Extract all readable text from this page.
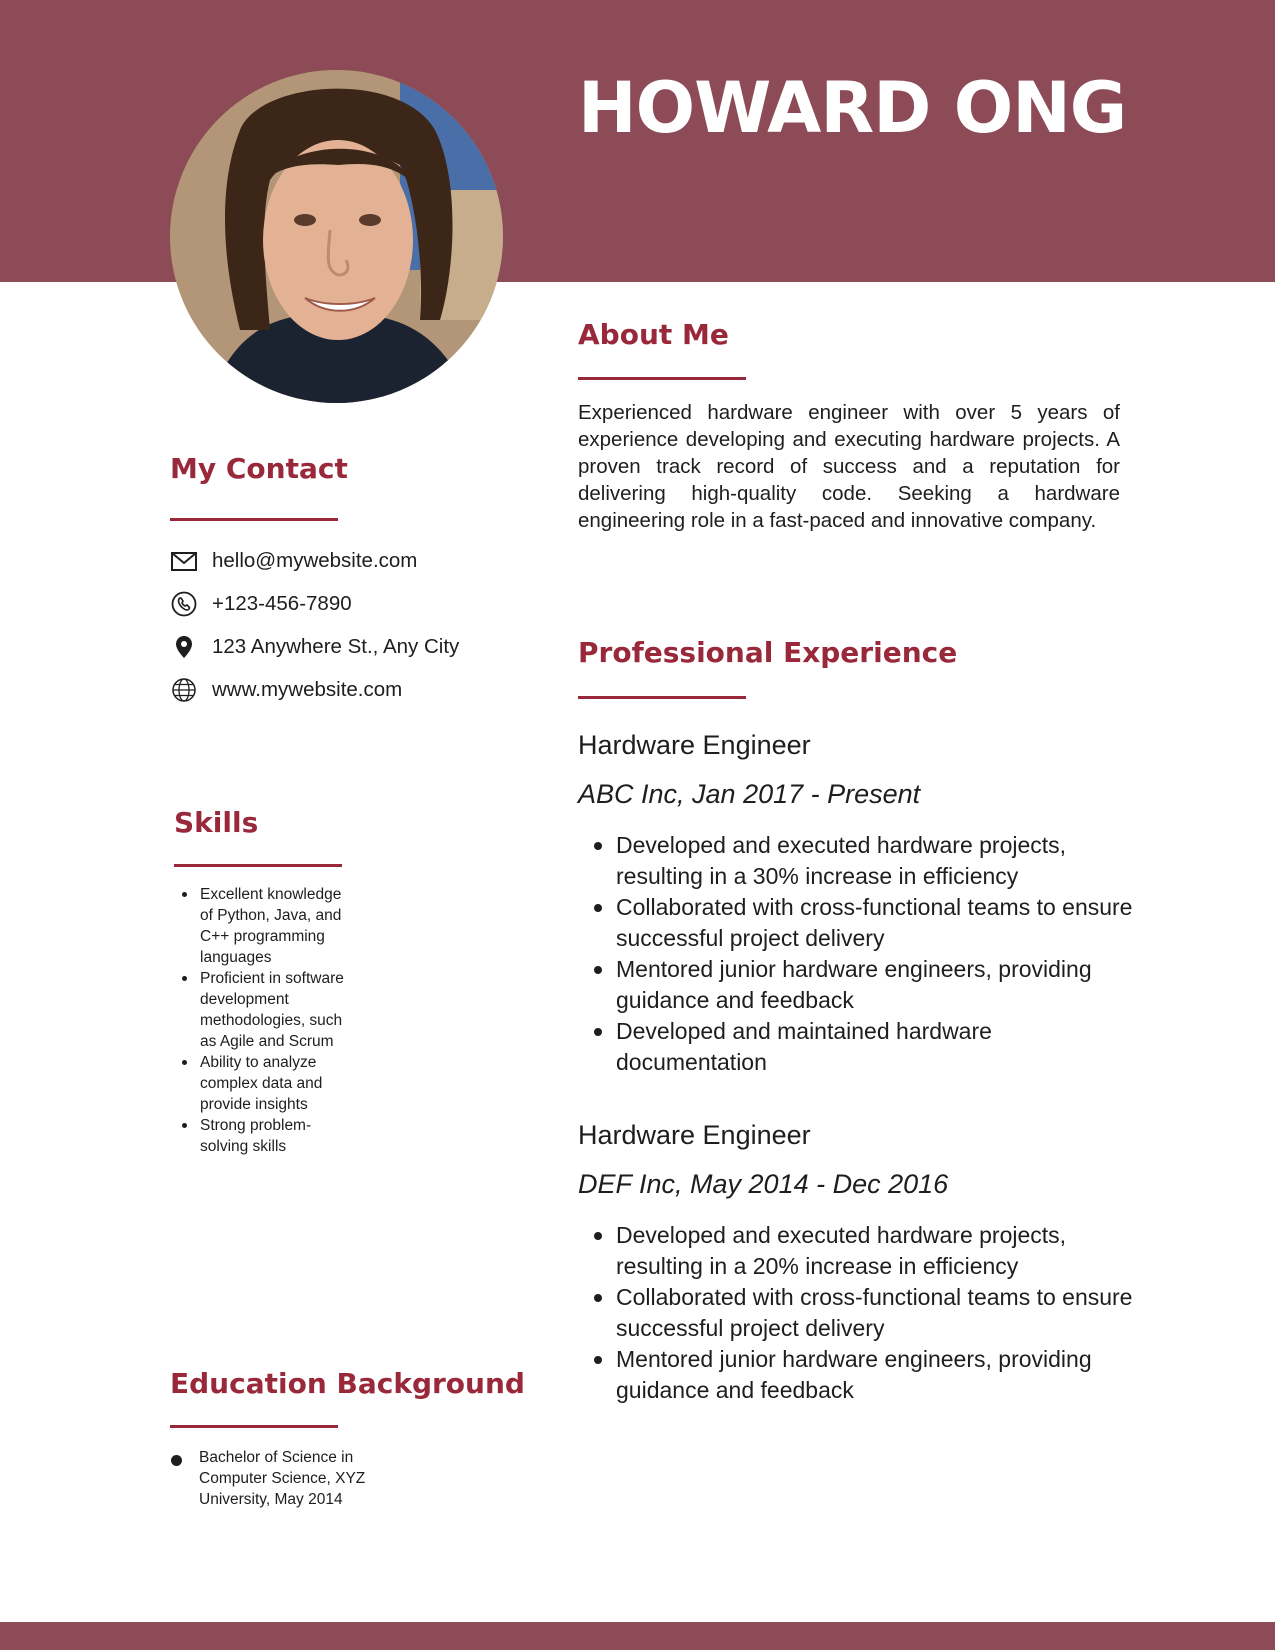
HOWARD ONG
About Me

Experienced hardware engineer with over 5 years of experience developing and executing hardware projects. A proven track record of success and a reputation for delivering high-quality code. Seeking a hardware engineering role in a fast-paced and innovative company.

My Contact
hello@mywebsite.com
+123-456-7890
123 Anywhere St., Any City
www.mywebsite.com
Skills
Excellent knowledge of Python, Java, and C++ programming languages
Proficient in software development methodologies, such as Agile and Scrum
Ability to analyze complex data and provide insights
Strong problem-solving skills
Education Background

Bachelor of Science in Computer Science, XYZ University, May 2014

Professional Experience
Hardware Engineer
ABC Inc, Jan 2017 - Present
Developed and executed hardware projects, resulting in a 30% increase in efficiency
Collaborated with cross-functional teams to ensure successful project delivery
Mentored junior hardware engineers, providing guidance and feedback
Developed and maintained hardware documentation
Hardware Engineer
DEF Inc, May 2014 - Dec 2016
Developed and executed hardware projects, resulting in a 20% increase in efficiency
Collaborated with cross-functional teams to ensure successful project delivery
Mentored junior hardware engineers, providing guidance and feedback
